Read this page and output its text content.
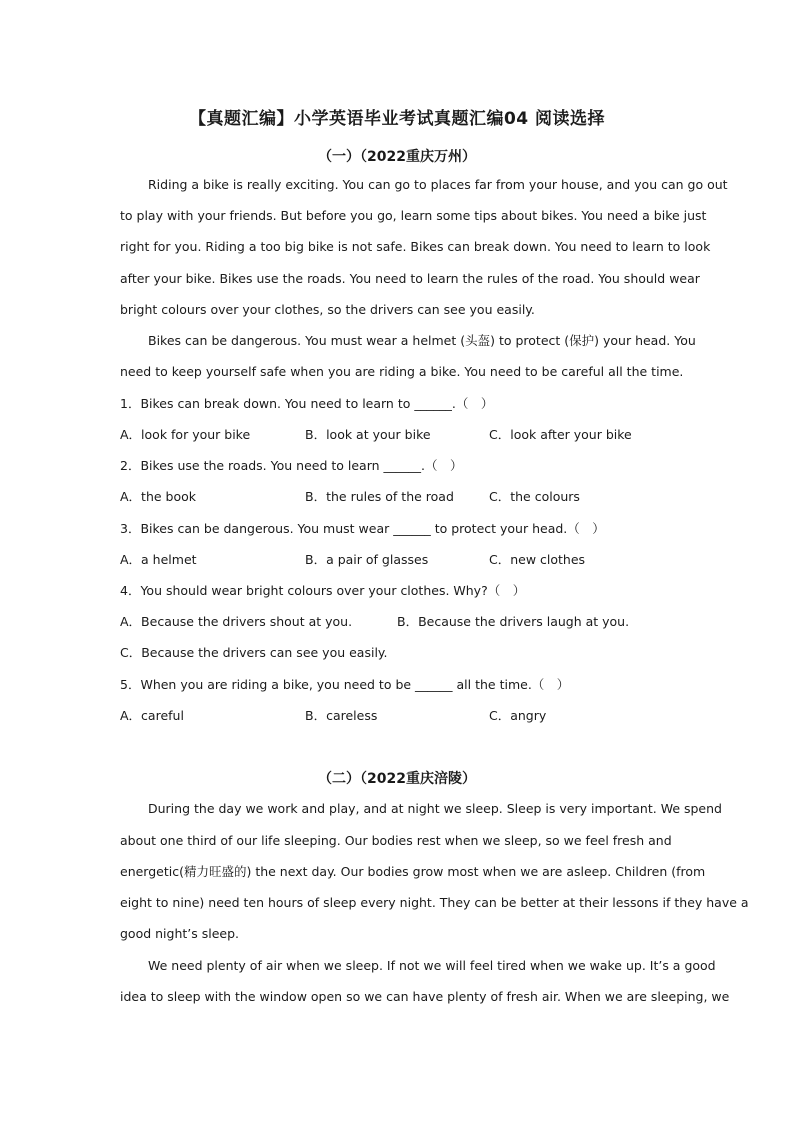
【真题汇编】小学英语毕业考试真题汇编04 阅读选择
（一）（2022重庆万州）
Riding a bike is really exciting. You can go to places far from your house, and you can go out
to play with your friends. But before you go, learn some tips about bikes. You need a bike just
right for you. Riding a too big bike is not safe. Bikes can break down. You need to learn to look
after your bike. Bikes use the roads. You need to learn the rules of the road. You should wear
bright colours over your clothes, so the drivers can see you easily.
Bikes can be dangerous. You must wear a helmet (头盔) to protect (保护) your head. You
need to keep yourself safe when you are riding a bike. You need to be careful all the time.
1．Bikes can break down. You need to learn to ______.（　）
A．look for your bike	B．look at your bike	C．look after your bike
2．Bikes use the roads. You need to learn ______.（　）
A．the book	B．the rules of the road	C．the colours
3．Bikes can be dangerous. You must wear ______ to protect your head.（　）
A．a helmet	B．a pair of glasses	C．new clothes
4．You should wear bright colours over your clothes. Why?（　）
A．Because the drivers shout at you.	B．Because the drivers laugh at you.
C．Because the drivers can see you easily.
5．When you are riding a bike, you need to be ______ all the time.（　）
A．careful	B．careless	C．angry
（二）（2022重庆涪陵）
During the day we work and play, and at night we sleep. Sleep is very important. We spend
about one third of our life sleeping. Our bodies rest when we sleep, so we feel fresh and
energetic(精力旺盛的) the next day. Our bodies grow most when we are asleep. Children (from
eight to nine) need ten hours of sleep every night. They can be better at their lessons if they have a
good night’s sleep.
We need plenty of air when we sleep. If not we will feel tired when we wake up. It’s a good
idea to sleep with the window open so we can have plenty of fresh air. When we are sleeping, we
